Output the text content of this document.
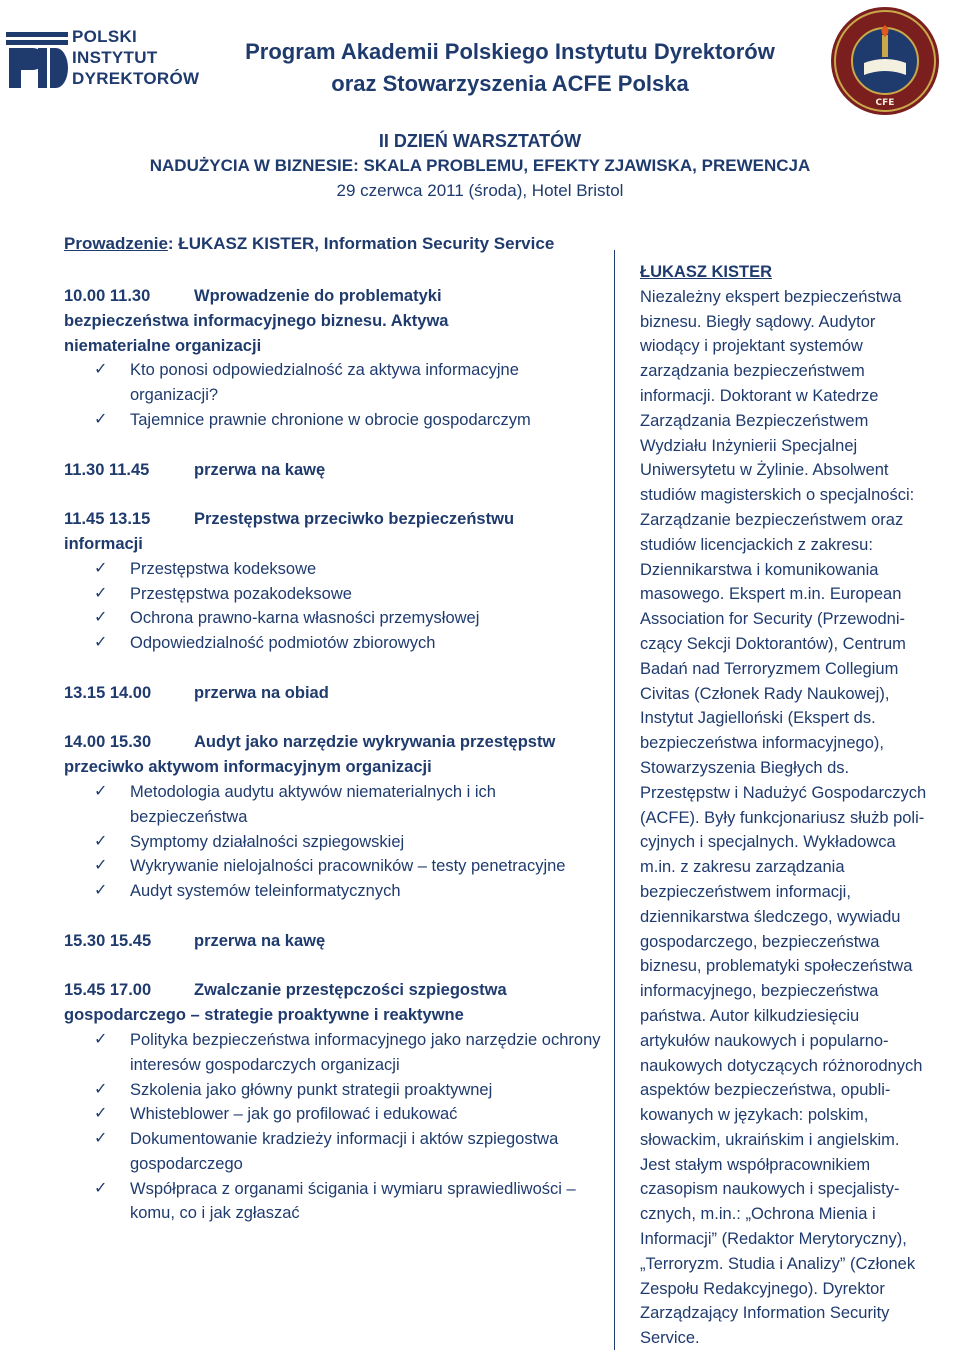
POLSKI
INSTYTUT
DYREKTORÓW
Program Akademii Polskiego Instytutu Dyrektorów
oraz Stowarzyszenia ACFE Polska
CFE
II DZIEŃ WARSZTATÓW
NADUŻYCIA W BIZNESIE: SKALA PROBLEMU, EFEKTY ZJAWISKA, PREWENCJA
29 czerwca 2011 (środa), Hotel Bristol
Prowadzenie: ŁUKASZ KISTER, Information Security Service
10.00 11.30	Wprowadzenie do problematyki
bezpieczeństwa informacyjnego biznesu. Aktywa
niematerialne organizacji
✓ Kto ponosi odpowiedzialność za aktywa informacyjne organizacji?
✓ Tajemnice prawnie chronione w obrocie gospodarczym
11.30 11.45	przerwa na kawę
11.45 13.15	Przestępstwa przeciwko bezpieczeństwu
informacji
✓ Przestępstwa kodeksowe
✓ Przestępstwa pozakodeksowe
✓ Ochrona prawno-karna własności przemysłowej
✓ Odpowiedzialność podmiotów zbiorowych
13.15 14.00	przerwa na obiad
14.00 15.30	Audyt jako narzędzie wykrywania przestępstw
przeciwko aktywom informacyjnym organizacji
✓ Metodologia audytu aktywów niematerialnych i ich bezpieczeństwa
✓ Symptomy działalności szpiegowskiej
✓ Wykrywanie nielojalności pracowników – testy penetracyjne
✓ Audyt systemów teleinformatycznych
15.30 15.45	przerwa na kawę
15.45 17.00	Zwalczanie przestępczości szpiegostwa
gospodarczego – strategie proaktywne i reaktywne
✓ Polityka bezpieczeństwa informacyjnego jako narzędzie ochrony interesów gospodarczych organizacji
✓ Szkolenia jako główny punkt strategii proaktywnej
✓ Whisteblower – jak go profilować i edukować
✓ Dokumentowanie kradzieży informacji i aktów szpiegostwa gospodarczego
✓ Współpraca z organami ścigania i wymiaru sprawiedliwości – komu, co i jak zgłaszać
ŁUKASZ KISTER
Niezależny ekspert bezpieczeństwa
biznesu. Biegły sądowy. Audytor
wiodący i projektant systemów
zarządzania bezpieczeństwem
informacji. Doktorant w Katedrze
Zarządzania Bezpieczeństwem
Wydziału Inżynierii Specjalnej
Uniwersytetu w Żylinie. Absolwent
studiów magisterskich o specjalności:
Zarządzanie bezpieczeństwem oraz
studiów licencjackich z zakresu:
Dziennikarstwa i komunikowania
masowego. Ekspert m.in. European
Association for Security (Przewodni-
czący Sekcji Doktorantów), Centrum
Badań nad Terroryzmem Collegium
Civitas (Członek Rady Naukowej),
Instytut Jagielloński (Ekspert ds.
bezpieczeństwa informacyjnego),
Stowarzyszenia Biegłych ds.
Przestępstw i Nadużyć Gospodarczych
(ACFE). Były funkcjonariusz służb poli-
cyjnych i specjalnych. Wykładowca
m.in. z zakresu zarządzania
bezpieczeństwem informacji,
dziennikarstwa śledczego, wywiadu
gospodarczego, bezpieczeństwa
biznesu, problematyki społeczeństwa
informacyjnego, bezpieczeństwa
państwa. Autor kilkudziesięciu
artykułów naukowych i popularno-
naukowych dotyczących różnorodnych
aspektów bezpieczeństwa, opubli-
kowanych w językach: polskim,
słowackim, ukraińskim i angielskim.
Jest stałym współpracownikiem
czasopism naukowych i specjalisty-
cznych, m.in.: „Ochrona Mienia i
Informacji” (Redaktor Merytoryczny),
„Terroryzm. Studia i Analizy” (Członek
Zespołu Redakcyjnego). Dyrektor
Zarządzający Information Security
Service.
